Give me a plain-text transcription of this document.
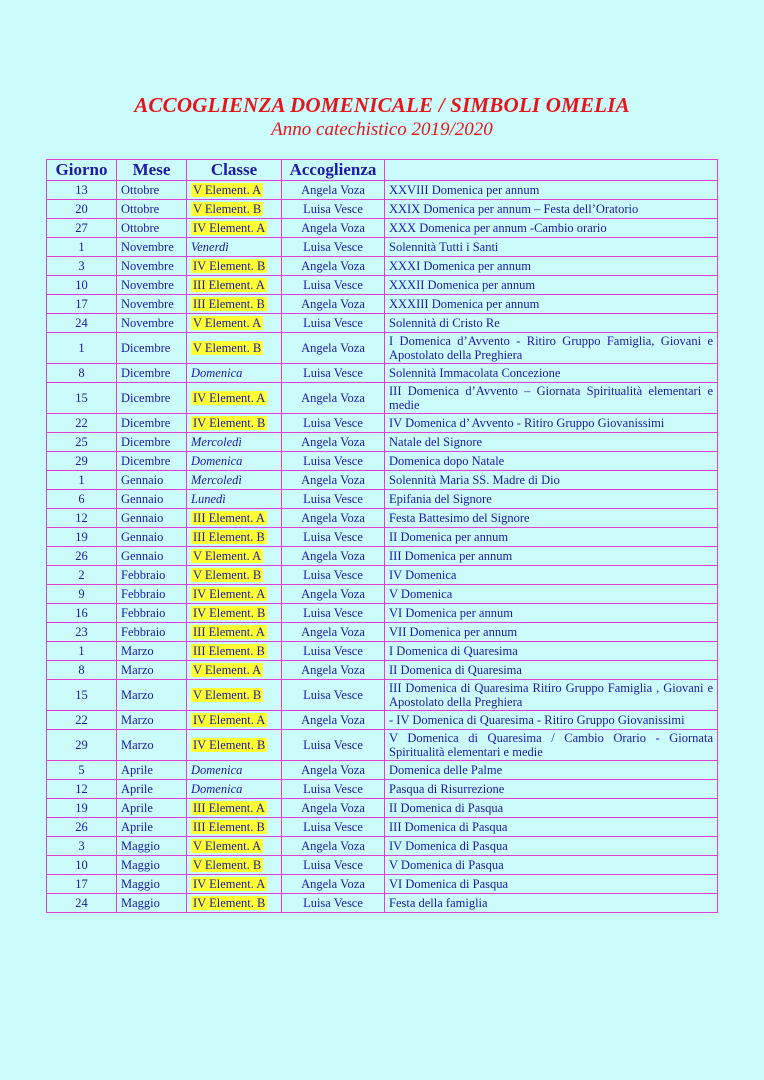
ACCOGLIENZA DOMENICALE / SIMBOLI OMELIA
Anno catechistico 2019/2020
Giorno	Mese	Classe	Accoglienza	
13	Ottobre	V Element. A	Angela Voza	XXVIII Domenica per annum
20	Ottobre	V Element. B	Luisa Vesce	XXIX Domenica per annum – Festa dell’Oratorio
27	Ottobre	IV Element. A	Angela Voza	XXX Domenica per annum -Cambio orario
1	Novembre	Venerdì	Luisa Vesce	Solennità Tutti i Santi
3	Novembre	IV Element. B	Angela Voza	XXXI Domenica per annum
10	Novembre	III Element. A	Luisa Vesce	XXXII Domenica per annum
17	Novembre	III Element. B	Angela Voza	XXXIII Domenica per annum
24	Novembre	V Element. A	Luisa Vesce	Solennità di Cristo Re
1	Dicembre	V Element. B	Angela Voza	I Domenica d’Avvento - Ritiro Gruppo Famiglia, Giovani e Apostolato della Preghiera
8	Dicembre	Domenica	Luisa Vesce	Solennità Immacolata Concezione
15	Dicembre	IV Element. A	Angela Voza	III Domenica d’Avvento – Giornata Spiritualità elementari e medie
22	Dicembre	IV Element. B	Luisa Vesce	IV Domenica d’ Avvento - Ritiro Gruppo Giovanissimi
25	Dicembre	Mercoledì	Angela Voza	Natale del Signore
29	Dicembre	Domenica	Luisa Vesce	Domenica dopo Natale
1	Gennaio	Mercoledì	Angela Voza	Solennità Maria SS. Madre di Dio
6	Gennaio	Lunedì	Luisa Vesce	Epifania del Signore
12	Gennaio	III Element. A	Angela Voza	Festa Battesimo del Signore
19	Gennaio	III Element. B	Luisa Vesce	II Domenica per annum
26	Gennaio	V Element. A	Angela Voza	III Domenica per annum
2	Febbraio	V Element. B	Luisa Vesce	IV Domenica
9	Febbraio	IV Element. A	Angela Voza	V Domenica
16	Febbraio	IV Element. B	Luisa Vesce	VI Domenica per annum
23	Febbraio	III Element. A	Angela Voza	VII Domenica per annum
1	Marzo	III Element. B	Luisa Vesce	I Domenica di Quaresima
8	Marzo	V Element. A	Angela Voza	II Domenica di Quaresima
15	Marzo	V Element. B	Luisa Vesce	III Domenica di Quaresima Ritiro Gruppo Famiglia , Giovani e Apostolato della Preghiera
22	Marzo	IV Element. A	Angela Voza	- IV Domenica di Quaresima - Ritiro Gruppo Giovanissimi
29	Marzo	IV Element. B	Luisa Vesce	V Domenica di Quaresima / Cambio Orario - Giornata Spiritualità elementari e medie
5	Aprile	Domenica	Angela Voza	Domenica delle Palme
12	Aprile	Domenica	Luisa Vesce	Pasqua di Risurrezione
19	Aprile	III Element. A	Angela Voza	II Domenica di Pasqua
26	Aprile	III Element. B	Luisa Vesce	III Domenica di Pasqua
3	Maggio	V Element. A	Angela Voza	IV Domenica di Pasqua
10	Maggio	V Element. B	Luisa Vesce	V Domenica di Pasqua
17	Maggio	IV Element. A	Angela Voza	VI Domenica di Pasqua
24	Maggio	IV Element. B	Luisa Vesce	Festa della famiglia
